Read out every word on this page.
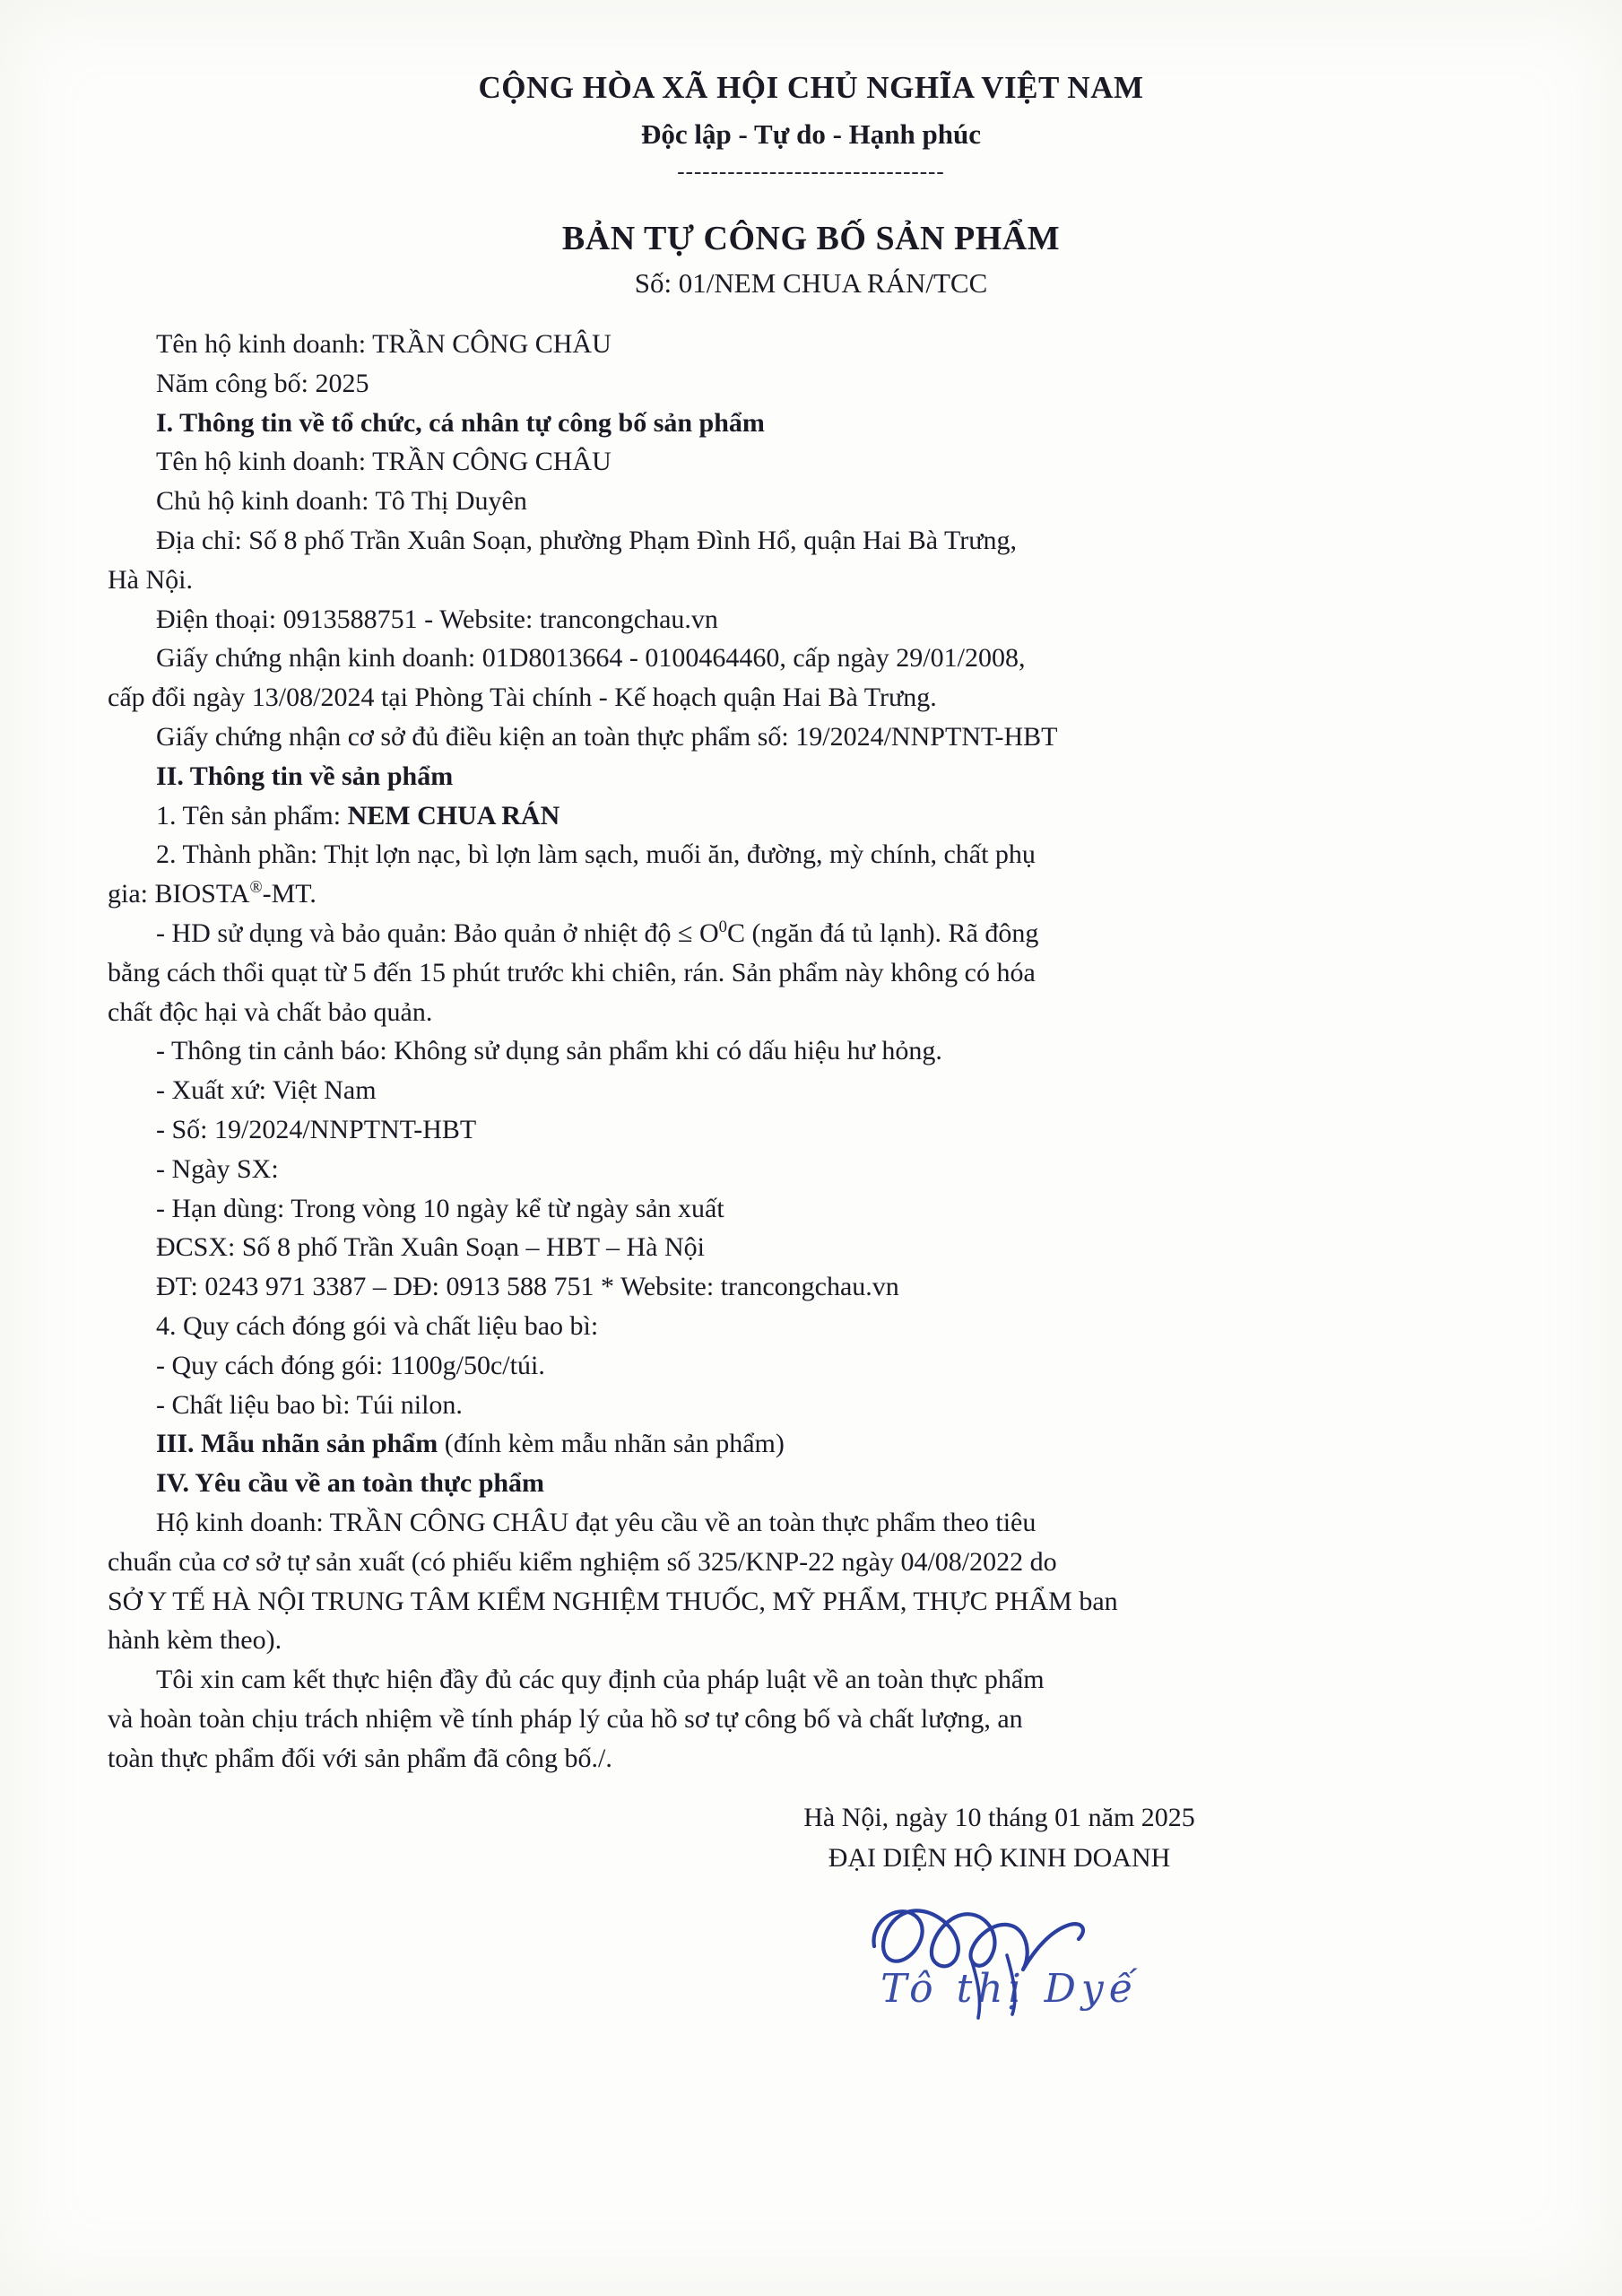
CỘNG HÒA XÃ HỘI CHỦ NGHĨA VIỆT NAM
Độc lập - Tự do - Hạnh phúc
--------------------------------
BẢN TỰ CÔNG BỐ SẢN PHẨM
Số: 01/NEM CHUA RÁN/TCC

Tên hộ kinh doanh: TRẦN CÔNG CHÂU

Năm công bố: 2025

I. Thông tin về tổ chức, cá nhân tự công bố sản phẩm

Tên hộ kinh doanh: TRẦN CÔNG CHÂU

Chủ hộ kinh doanh: Tô Thị Duyên

Địa chỉ: Số 8 phố Trần Xuân Soạn, phường Phạm Đình Hổ, quận Hai Bà Trưng,

Hà Nội.

Điện thoại: 0913588751 - Website: trancongchau.vn

Giấy chứng nhận kinh doanh: 01D8013664 - 0100464460, cấp ngày 29/01/2008,

cấp đổi ngày 13/08/2024 tại Phòng Tài chính - Kế hoạch quận Hai Bà Trưng.

Giấy chứng nhận cơ sở đủ điều kiện an toàn thực phẩm số: 19/2024/NNPTNT-HBT

II. Thông tin về sản phẩm

1. Tên sản phẩm: NEM CHUA RÁN

2. Thành phần: Thịt lợn nạc, bì lợn làm sạch, muối ăn, đường, mỳ chính, chất phụ

gia: BIOSTA®-MT.

- HD sử dụng và bảo quản: Bảo quản ở nhiệt độ ≤ $O^0C$ (ngăn đá tủ lạnh). Rã đông

bằng cách thổi quạt từ 5 đến 15 phút trước khi chiên, rán. Sản phẩm này không có hóa

chất độc hại và chất bảo quản.

- Thông tin cảnh báo: Không sử dụng sản phẩm khi có dấu hiệu hư hỏng.

- Xuất xứ: Việt Nam

- Số: 19/2024/NNPTNT-HBT

- Ngày SX:

- Hạn dùng: Trong vòng 10 ngày kể từ ngày sản xuất

ĐCSX: Số 8 phố Trần Xuân Soạn – HBT – Hà Nội

ĐT: 0243 971 3387 – DĐ: 0913 588 751 * Website: trancongchau.vn

4. Quy cách đóng gói và chất liệu bao bì:

- Quy cách đóng gói: 1100g/50c/túi.

- Chất liệu bao bì: Túi nilon.

III. Mẫu nhãn sản phẩm (đính kèm mẫu nhãn sản phẩm)

IV. Yêu cầu về an toàn thực phẩm

Hộ kinh doanh: TRẦN CÔNG CHÂU đạt yêu cầu về an toàn thực phẩm theo tiêu

chuẩn của cơ sở tự sản xuất (có phiếu kiểm nghiệm số 325/KNP-22 ngày 04/08/2022 do

SỞ Y TẾ HÀ NỘI TRUNG TÂM KIỂM NGHIỆM THUỐC, MỸ PHẨM, THỰC PHẨM ban

hành kèm theo).

Tôi xin cam kết thực hiện đầy đủ các quy định của pháp luật về an toàn thực phẩm

và hoàn toàn chịu trách nhiệm về tính pháp lý của hồ sơ tự công bố và chất lượng, an

toàn thực phẩm đối với sản phẩm đã công bố./.

Hà Nội, ngày 10 tháng 01 năm 2025
ĐẠI DIỆN HỘ KINH DOANH
Tô thị Dyế
